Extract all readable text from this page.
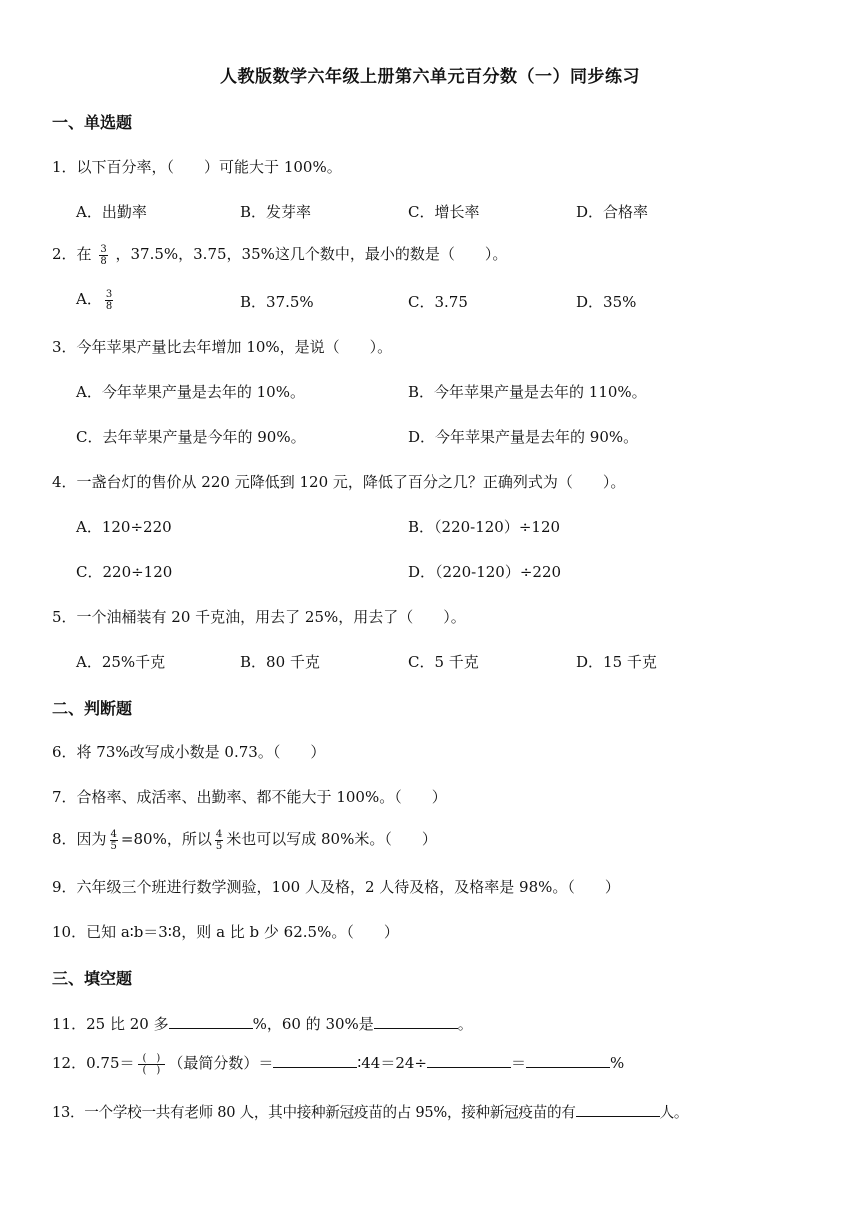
人教版数学六年级上册第六单元百分数（一）同步练习
一、单选题
1．以下百分率，（　　）可能大于 100%。
A．出勤率	B．发芽率	C．增长率	D．合格率
2．在 $\frac{3}{8}$ ，37.5%，3.75，35%这几个数中，最小的数是（　　）。
A． $\frac{3}{8}$	B．37.5%	C．3.75	D．35%
3．今年苹果产量比去年增加 10%，是说（　　）。
A．今年苹果产量是去年的 10%。	B．今年苹果产量是去年的 110%。
C．去年苹果产量是今年的 90%。	D．今年苹果产量是去年的 90%。
4．一盏台灯的售价从 220 元降低到 120 元，降低了百分之几？正确列式为（　　）。
A．120÷220	B．（220-120）÷120
C．220÷120	D．（220-120）÷220
5．一个油桶装有 20 千克油，用去了 25%，用去了（　　）。
A．25%千克	B．80 千克	C．5 千克	D．15 千克
二、判断题
6．将 73%改写成小数是 0.73。（　　）
7．合格率、成活率、出勤率、都不能大于 100%。（　　）
8．因为 $\frac{4}{5} =80\%$，所以 $\frac{4}{5}$ 米也可以写成 80%米。（　　）
9．六年级三个班进行数学测验，100 人及格，2 人待及格，及格率是 98%。（　　）
10．已知 a∶b＝3∶8，则 a 比 b 少 62.5%。（　　）
三、填空题
11．25 比 20 多	%，60 的 30%是	。
12．$0.75= \frac{( )}{( )}$ （最简分数）＝	∶44＝24÷	＝	%
13．一个学校一共有老师 80 人，其中接种新冠疫苗的占 95%，接种新冠疫苗的有	人。
